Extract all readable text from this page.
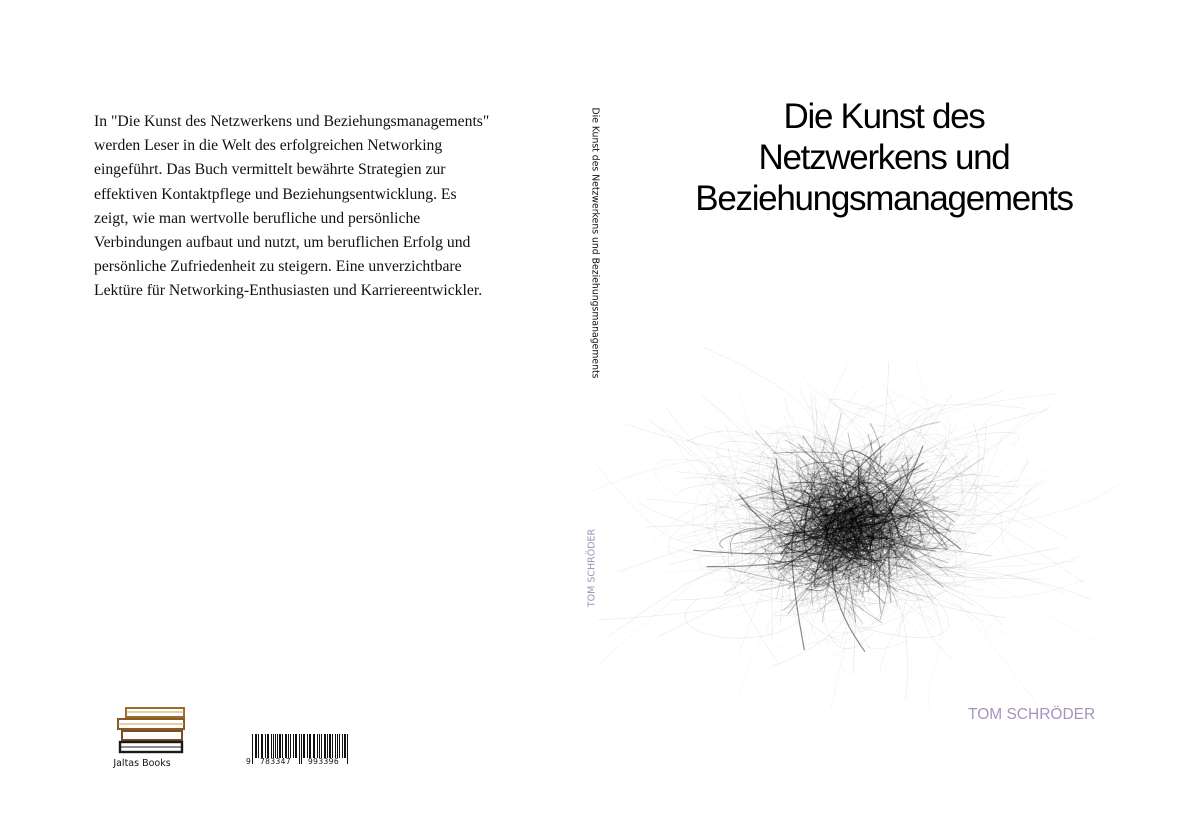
In "Die Kunst des Netzwerkens und Beziehungsmanagements" werden Leser in die Welt des erfolgreichen Networking eingeführt. Das Buch vermittelt bewährte Strategien zur effektiven Kontaktpflege und Beziehungsentwicklung. Es zeigt, wie man wertvolle berufliche und persönliche Verbindungen aufbaut und nutzt, um beruflichen Erfolg und persönliche Zufriedenheit zu steigern. Eine unverzichtbare Lektüre für Networking-Enthusiasten und Karriereentwickler.
Jaltas Books	9 783347 993396
Die Kunst des Netzwerkens und Beziehungsmanagements
TOM SCHRÖDER
Die Kunst des
Netzwerkens und
Beziehungsmanagements
TOM SCHRÖDER
